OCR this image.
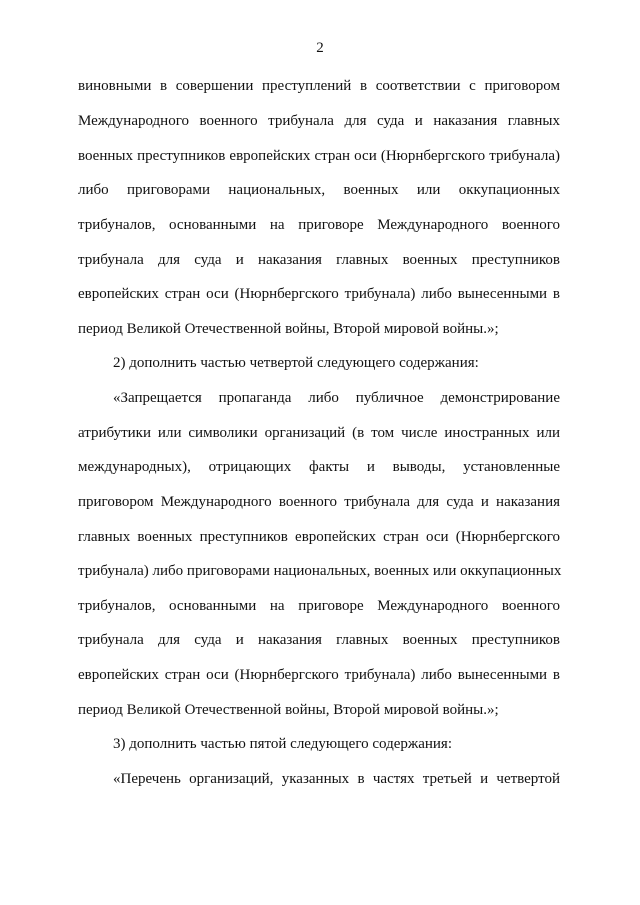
2
виновными в совершении преступлений в соответствии с приговором
Международного военного трибунала для суда и наказания главных
военных преступников европейских стран оси (Нюрнбергского трибунала)
либо приговорами национальных, военных или оккупационных
трибуналов, основанными на приговоре Международного военного
трибунала для суда и наказания главных военных преступников
европейских стран оси (Нюрнбергского трибунала) либо вынесенными в
период Великой Отечественной войны, Второй мировой войны.»;
2) дополнить частью четвертой следующего содержания:
«Запрещается пропаганда либо публичное демонстрирование
атрибутики или символики организаций (в том числе иностранных или
международных), отрицающих факты и выводы, установленные
приговором Международного военного трибунала для суда и наказания
главных военных преступников европейских стран оси (Нюрнбергского
трибунала) либо приговорами национальных, военных или оккупационных
трибуналов, основанными на приговоре Международного военного
трибунала для суда и наказания главных военных преступников
европейских стран оси (Нюрнбергского трибунала) либо вынесенными в
период Великой Отечественной войны, Второй мировой войны.»;
3) дополнить частью пятой следующего содержания:
«Перечень организаций, указанных в частях третьей и четвертой
